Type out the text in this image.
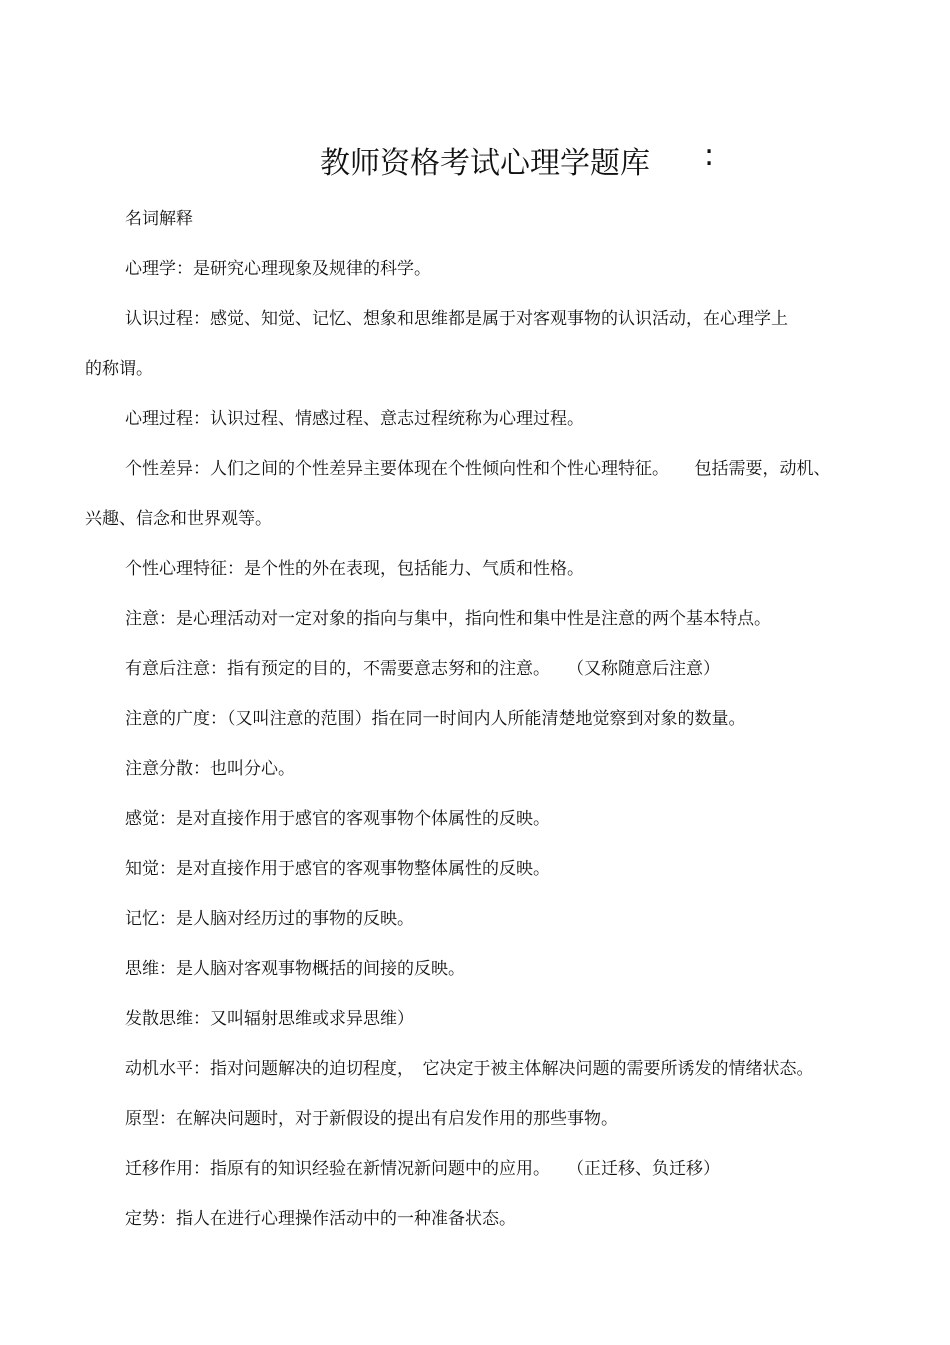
教师资格考试心理学题库 :
名词解释
心理学：是研究心理现象及规律的科学。
认识过程：感觉、知觉、记忆、想象和思维都是属于对客观事物的认识活动，在心理学上
的称谓。
心理过程：认识过程、情感过程、意志过程统称为心理过程。
个性差异：人们之间的个性差异主要体现在个性倾向性和个性心理特征。　　包括需要，动机、
兴趣、信念和世界观等。
个性心理特征：是个性的外在表现，包括能力、气质和性格。
注意：是心理活动对一定对象的指向与集中，指向性和集中性是注意的两个基本特点。
有意后注意：指有预定的目的，不需要意志努和的注意。　　（又称随意后注意）
注意的广度：（又叫注意的范围）指在同一时间内人所能清楚地觉察到对象的数量。
注意分散：也叫分心。
感觉：是对直接作用于感官的客观事物个体属性的反映。
知觉：是对直接作用于感官的客观事物整体属性的反映。
记忆：是人脑对经历过的事物的反映。
思维：是人脑对客观事物概括的间接的反映。
发散思维：又叫辐射思维或求异思维）
动机水平：指对问题解决的迫切程度，　它决定于被主体解决问题的需要所诱发的情绪状态。
原型：在解决问题时，对于新假设的提出有启发作用的那些事物。
迁移作用：指原有的知识经验在新情况新问题中的应用。　　（正迁移、负迁移）
定势：指人在进行心理操作活动中的一种准备状态。
